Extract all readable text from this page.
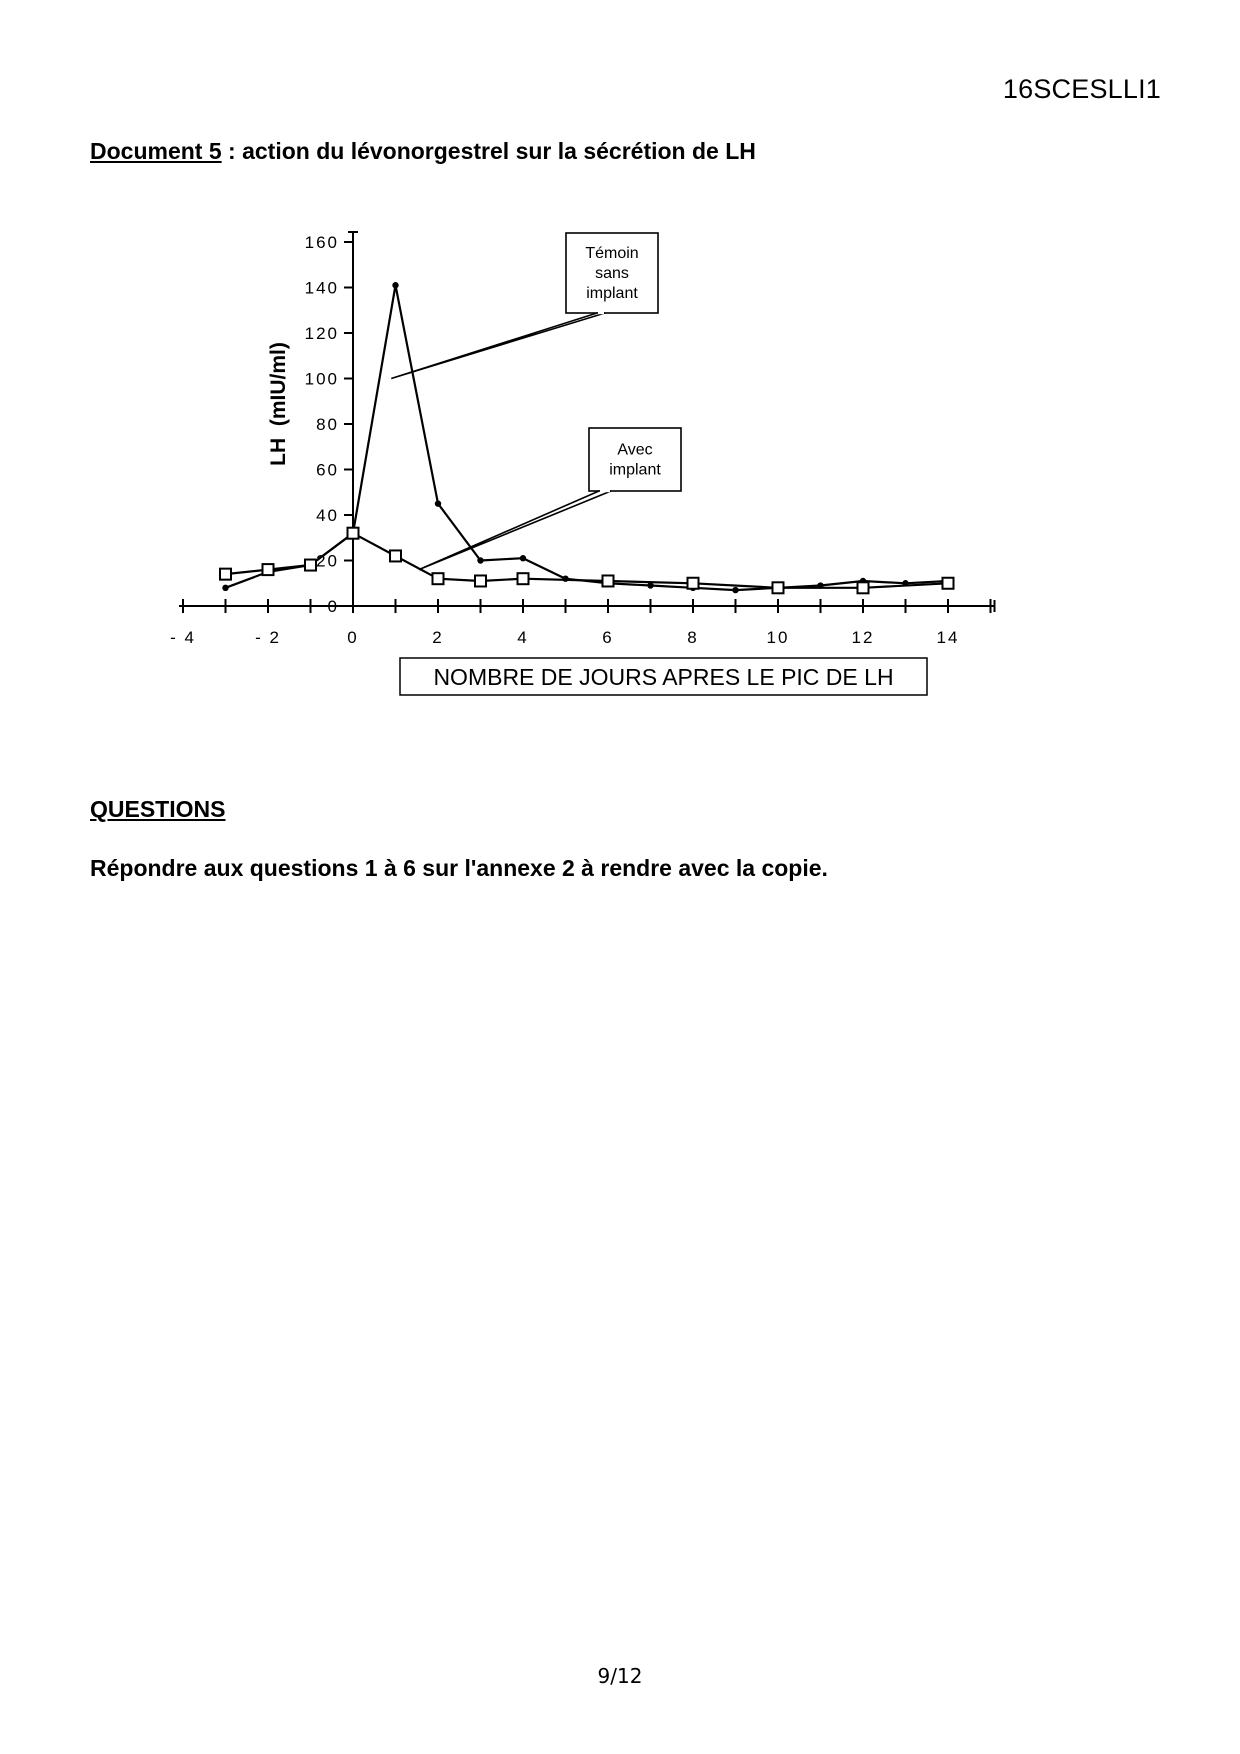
16SCESLLI1
Document 5 : action du lévonorgestrel sur la sécrétion de LH
0
20
40
60
80
100
120
140
160
- 4	- 2	0	2	4	6	8	10	12	14
Témoin
sans
implant
Avec
implant
LH  (mIU/ml)
NOMBRE DE JOURS APRES LE PIC DE LH
QUESTIONS
Répondre aux questions 1 à 6 sur l'annexe 2 à rendre avec la copie.
9/12
